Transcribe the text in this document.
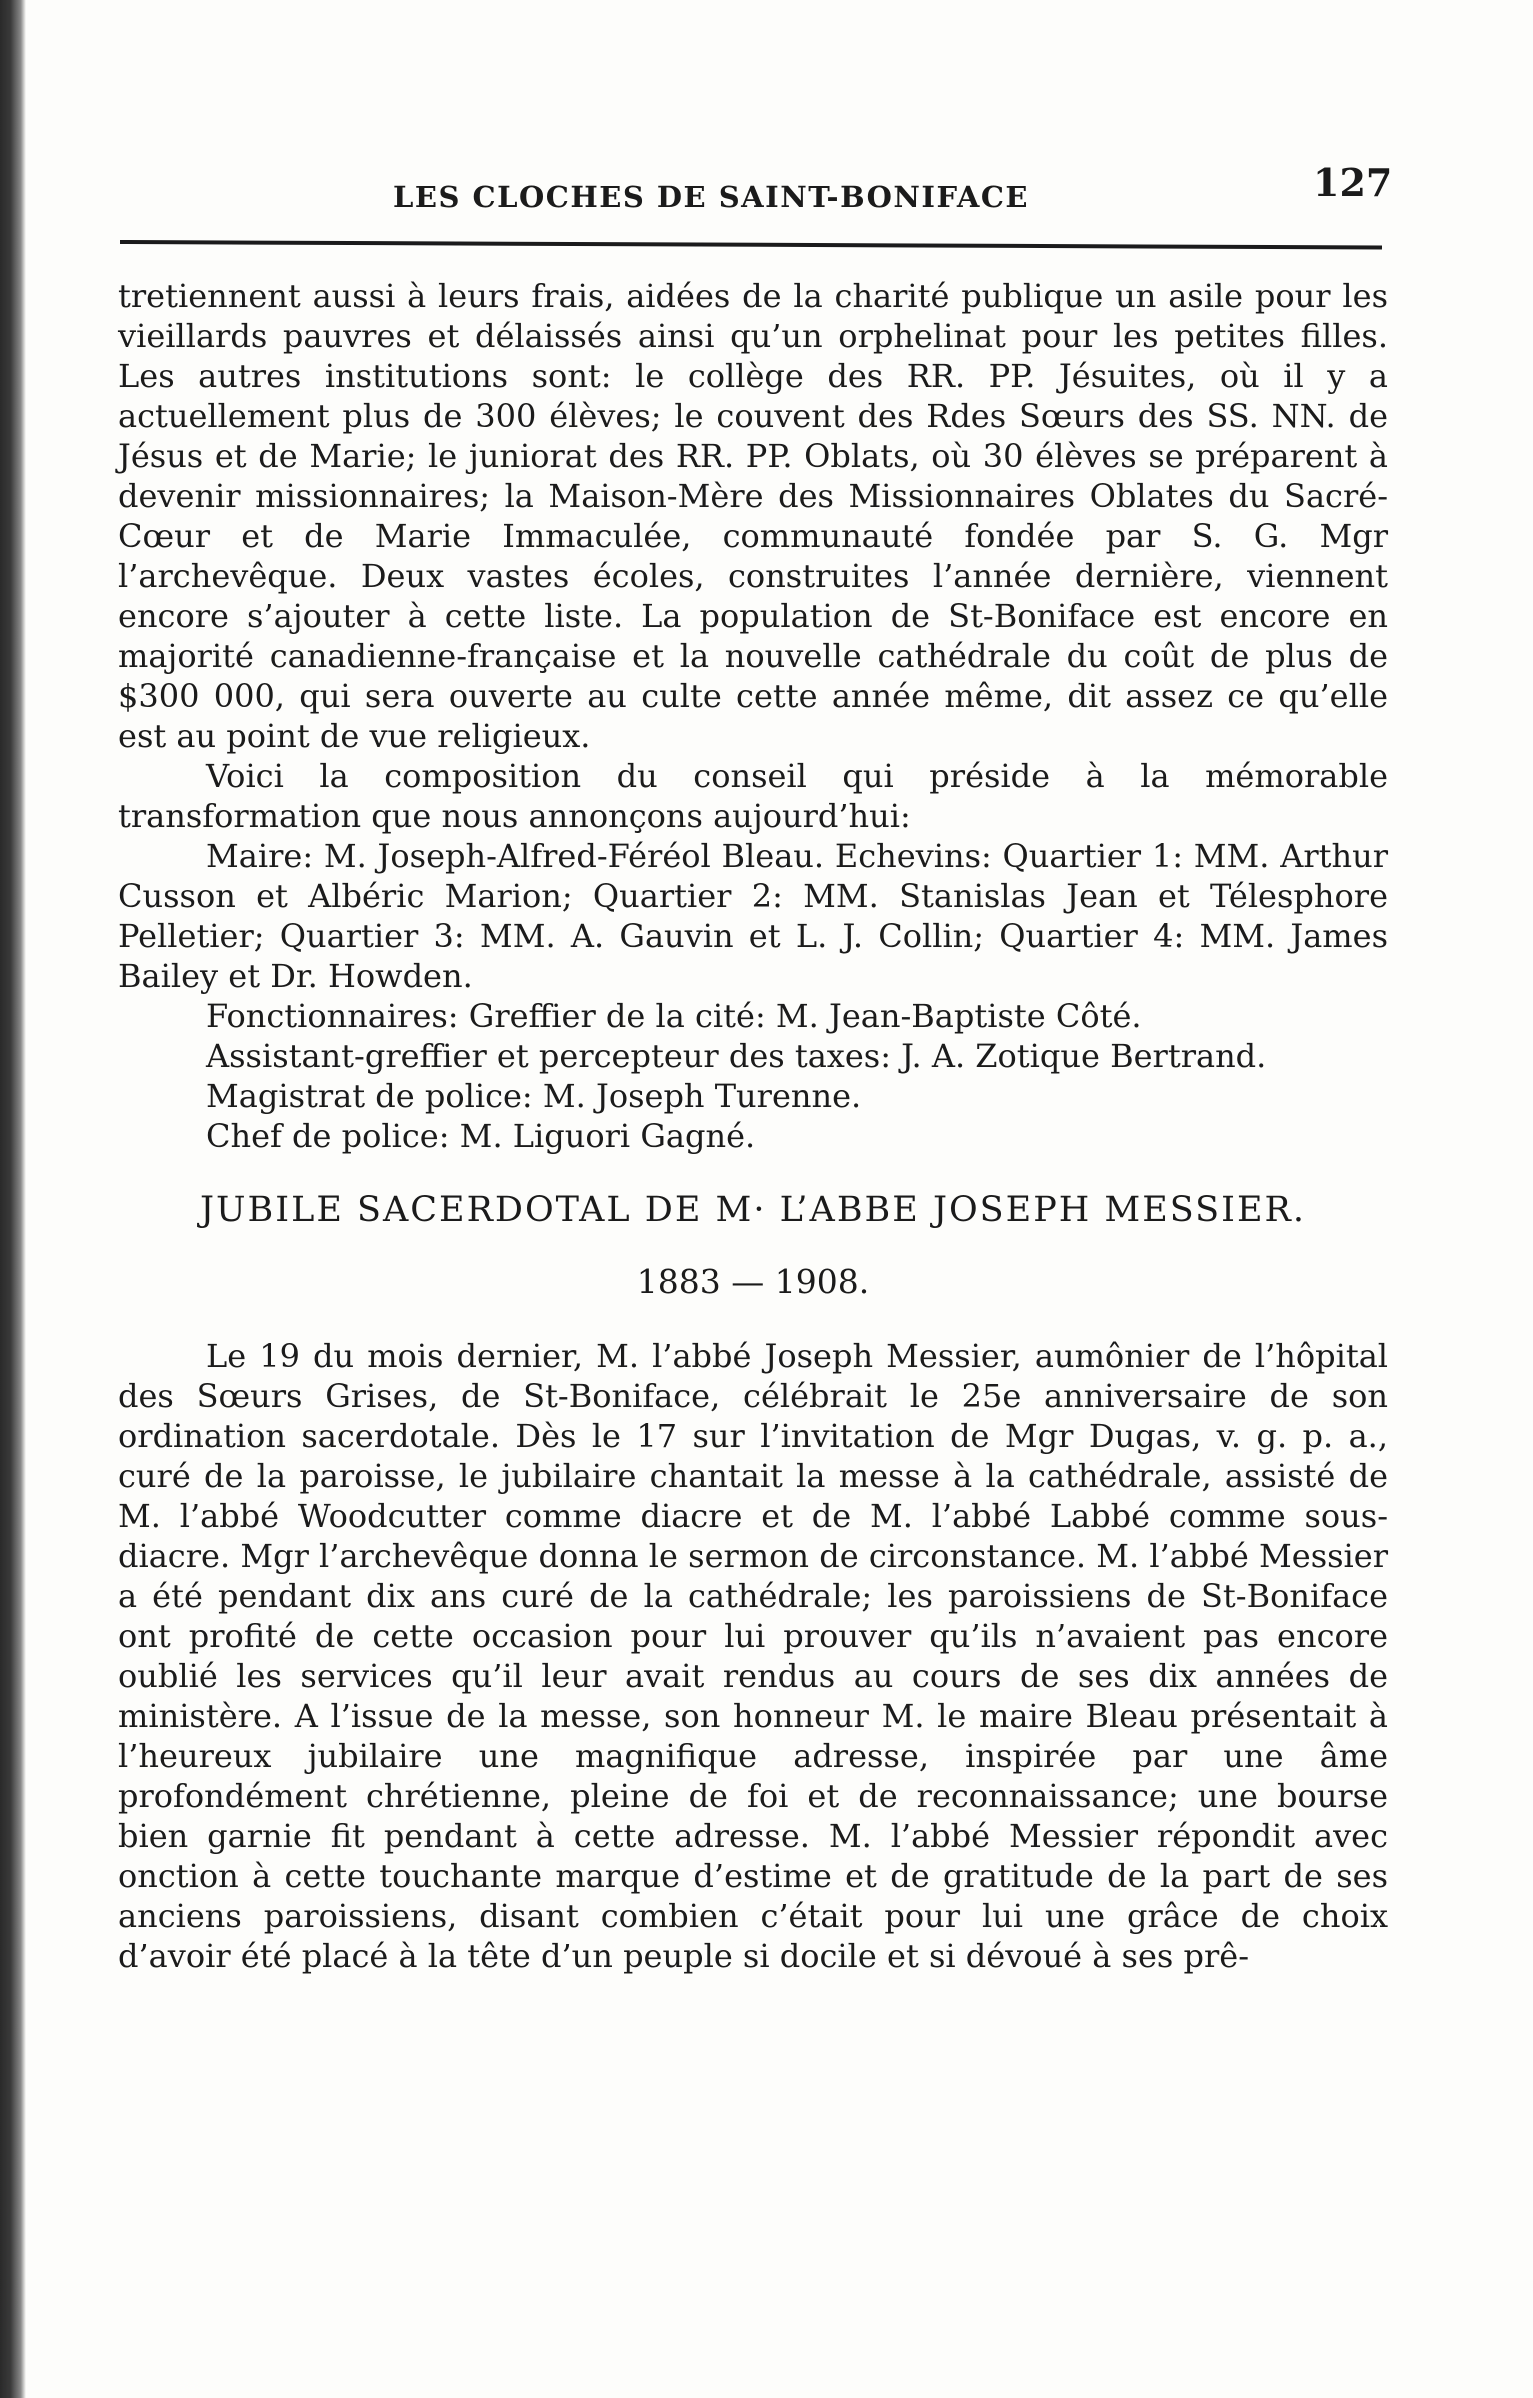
LES CLOCHES DE SAINT-BONIFACE	127

tretiennent aussi à leurs frais, aidées de la charité publique un asile pour les vieillards pauvres et délaissés ainsi qu’un orphelinat pour les petites filles. Les autres institutions sont: le collège des RR. PP. Jésuites, où il y a actuellement plus de 300 élèves; le couvent des Rdes Sœurs des SS. NN. de Jésus et de Marie; le juniorat des RR. PP. Oblats, où 30 élèves se préparent à devenir missionnaires; la Maison-Mère des Missionnaires Oblates du Sacré-Cœur et de Marie Immaculée, communauté fondée par S. G. Mgr l’archevêque. Deux vastes écoles, construites l’année dernière, viennent encore s’ajouter à cette liste. La population de St-Boniface est encore en majorité canadienne-française et la nouvelle cathédrale du coût de plus de $300 000, qui sera ouverte au culte cette année même, dit assez ce qu’elle est au point de vue religieux.

Voici la composition du conseil qui préside à la mémorable transformation que nous annonçons aujourd’hui:

Maire: M. Joseph-Alfred-Féréol Bleau. Echevins: Quartier 1: MM. Arthur Cusson et Albéric Marion; Quartier 2: MM. Stanislas Jean et Télesphore Pelletier; Quartier 3: MM. A. Gauvin et L. J. Collin; Quartier 4: MM. James Bailey et Dr. Howden.

Fonctionnaires: Greffier de la cité: M. Jean-Baptiste Côté.

Assistant-greffier et percepteur des taxes: J. A. Zotique Bertrand.

Magistrat de police: M. Joseph Turenne.

Chef de police: M. Liguori Gagné.

JUBILE SACERDOTAL DE M· L’ABBE JOSEPH MESSIER.
1883 — 1908.

Le 19 du mois dernier, M. l’abbé Joseph Messier, aumônier de l’hôpital des Sœurs Grises, de St-Boniface, célébrait le 25e anniversaire de son ordination sacerdotale. Dès le 17 sur l’invitation de Mgr Dugas, v. g. p. a., curé de la paroisse, le jubilaire chantait la messe à la cathédrale, assisté de M. l’abbé Woodcutter comme diacre et de M. l’abbé Labbé comme sous-diacre. Mgr l’archevêque donna le sermon de circonstance. M. l’abbé Messier a été pendant dix ans curé de la cathédrale; les paroissiens de St-Boniface ont profité de cette occasion pour lui prouver qu’ils n’avaient pas encore oublié les services qu’il leur avait rendus au cours de ses dix années de ministère. A l’issue de la messe, son honneur M. le maire Bleau présentait à l’heureux jubilaire une magnifique adresse, inspirée par une âme profondément chrétienne, pleine de foi et de reconnaissance; une bourse bien garnie fit pendant à cette adresse. M. l’abbé Messier répondit avec onction à cette touchante marque d’estime et de gratitude de la part de ses anciens paroissiens, disant combien c’était pour lui une grâce de choix d’avoir été placé à la tête d’un peuple si docile et si dévoué à ses prê-
